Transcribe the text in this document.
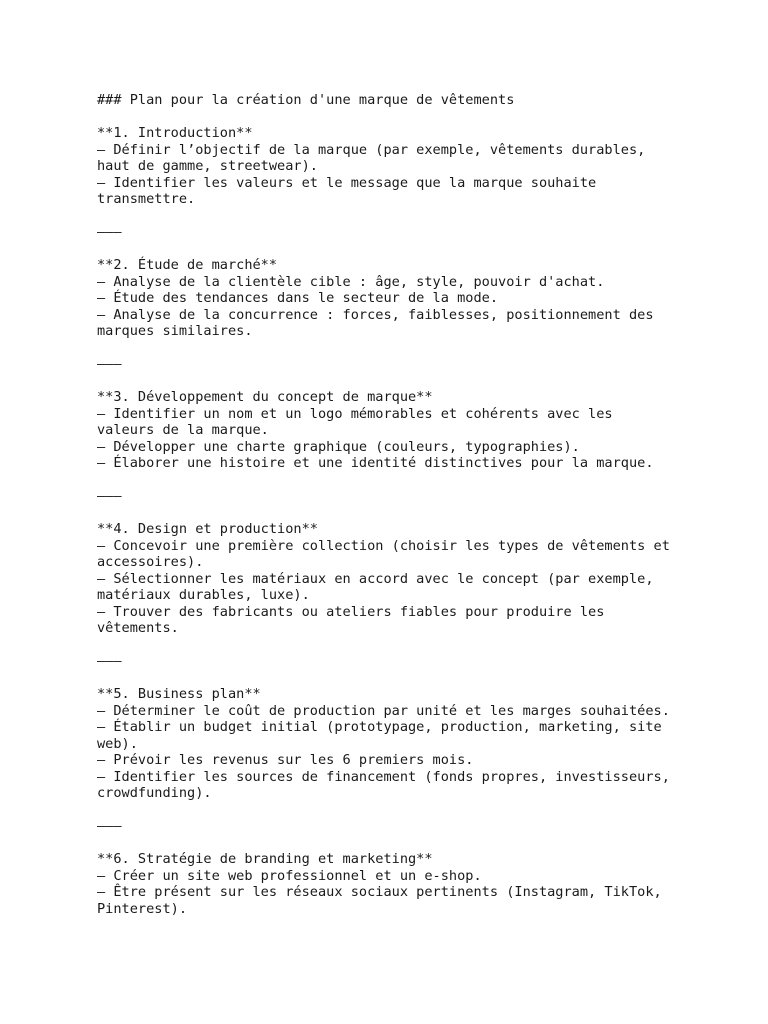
### Plan pour la création d'une marque de vêtements
**1. Introduction**
– Définir l’objectif de la marque (par exemple, vêtements durables,
haut de gamme, streetwear).
– Identifier les valeurs et le message que la marque souhaite
transmettre.
–––
**2. Étude de marché**
– Analyse de la clientèle cible : âge, style, pouvoir d'achat.
– Étude des tendances dans le secteur de la mode.
– Analyse de la concurrence : forces, faiblesses, positionnement des
marques similaires.
–––
**3. Développement du concept de marque**
– Identifier un nom et un logo mémorables et cohérents avec les
valeurs de la marque.
– Développer une charte graphique (couleurs, typographies).
– Élaborer une histoire et une identité distinctives pour la marque.
–––
**4. Design et production**
– Concevoir une première collection (choisir les types de vêtements et
accessoires).
– Sélectionner les matériaux en accord avec le concept (par exemple,
matériaux durables, luxe).
– Trouver des fabricants ou ateliers fiables pour produire les
vêtements.
–––
**5. Business plan**
– Déterminer le coût de production par unité et les marges souhaitées.
– Établir un budget initial (prototypage, production, marketing, site
web).
– Prévoir les revenus sur les 6 premiers mois.
– Identifier les sources de financement (fonds propres, investisseurs,
crowdfunding).
–––
**6. Stratégie de branding et marketing**
– Créer un site web professionnel et un e-shop.
– Être présent sur les réseaux sociaux pertinents (Instagram, TikTok,
Pinterest).
